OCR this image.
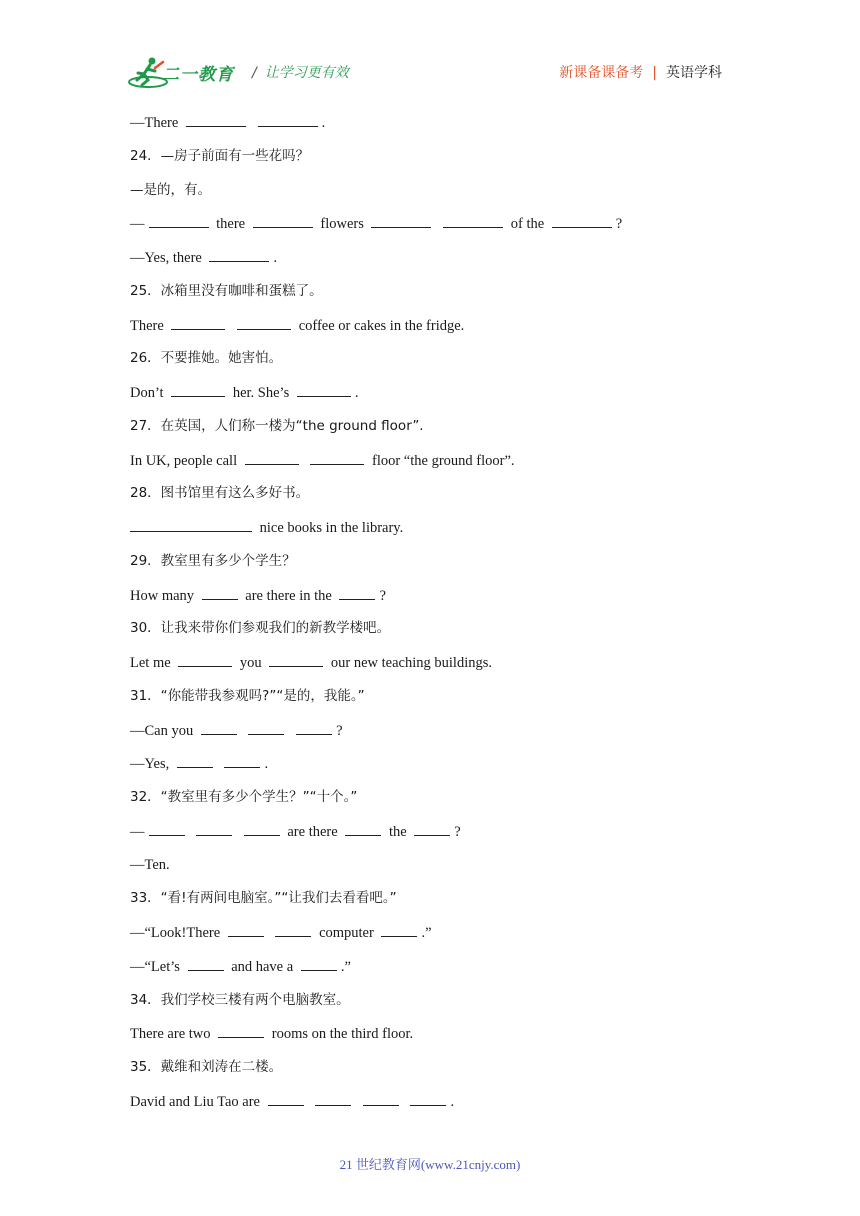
二一教育 / 让学习更有效	新课备课备考 | 英语学科
—There	.
24．—房子前面有一些花吗？
—是的，有。
—	there	flowers	of the	?
—Yes, there	.
25．冰箱里没有咖啡和蛋糕了。
There	coffee or cakes in the fridge.
26．不要推她。她害怕。
Don’t	her. She’s	.
27．在英国，人们称一楼为“the ground floor”.
In UK, people call	floor “the ground floor”.
28．图书馆里有这么多好书。
nice books in the library.
29．教室里有多少个学生？
How many	are there in the	?
30．让我来带你们参观我们的新教学楼吧。
Let me	you	our new teaching buildings.
31．“你能带我参观吗?”“是的，我能。”
—Can you	?
—Yes,	.
32．“教室里有多少个学生？”“十个。”
—	are there	the	?
—Ten.
33．“看!有两间电脑室。”“让我们去看看吧。”
—“Look!There	computer	.”
—“Let’s	and have a	.”
34．我们学校三楼有两个电脑教室。
There are two	rooms on the third floor.
35．戴维和刘涛在二楼。
David and Liu Tao are	.
21 世纪教育网(www.21cnjy.com)
